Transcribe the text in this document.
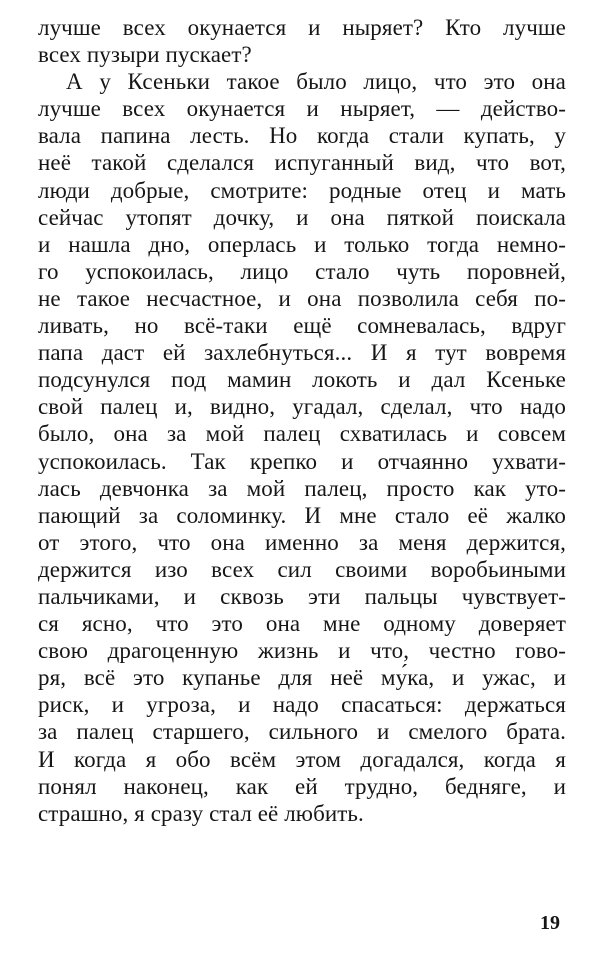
лучше всех окунается и ныряет? Кто лучше
всех пузыри пускает?
А у Ксеньки такое было лицо, что это она
лучше всех окунается и ныряет, — действо-
вала папина лесть. Но когда стали купать, у
неё такой сделался испуганный вид, что вот,
люди добрые, смотрите: родные отец и мать
сейчас утопят дочку, и она пяткой поискала
и нашла дно, оперлась и только тогда немно-
го успокоилась, лицо стало чуть поровней,
не такое несчастное, и она позволила себя по-
ливать, но всё-таки ещё сомневалась, вдруг
папа даст ей захлебнуться... И я тут вовремя
подсунулся под мамин локоть и дал Ксеньке
свой палец и, видно, угадал, сделал, что надо
было, она за мой палец схватилась и совсем
успокоилась. Так крепко и отчаянно ухвати-
лась девчонка за мой палец, просто как уто-
пающий за соломинку. И мне стало её жалко
от этого, что она именно за меня держится,
держится изо всех сил своими воробьиными
пальчиками, и сквозь эти пальцы чувствует-
ся ясно, что это она мне одному доверяет
свою драгоценную жизнь и что, честно гово-
ря, всё это купанье для неё му́ка, и ужас, и
риск, и угроза, и надо спасаться: держаться
за палец старшего, сильного и смелого брата.
И когда я обо всём этом догадался, когда я
понял наконец, как ей трудно, бедняге, и
страшно, я сразу стал её любить.
19
